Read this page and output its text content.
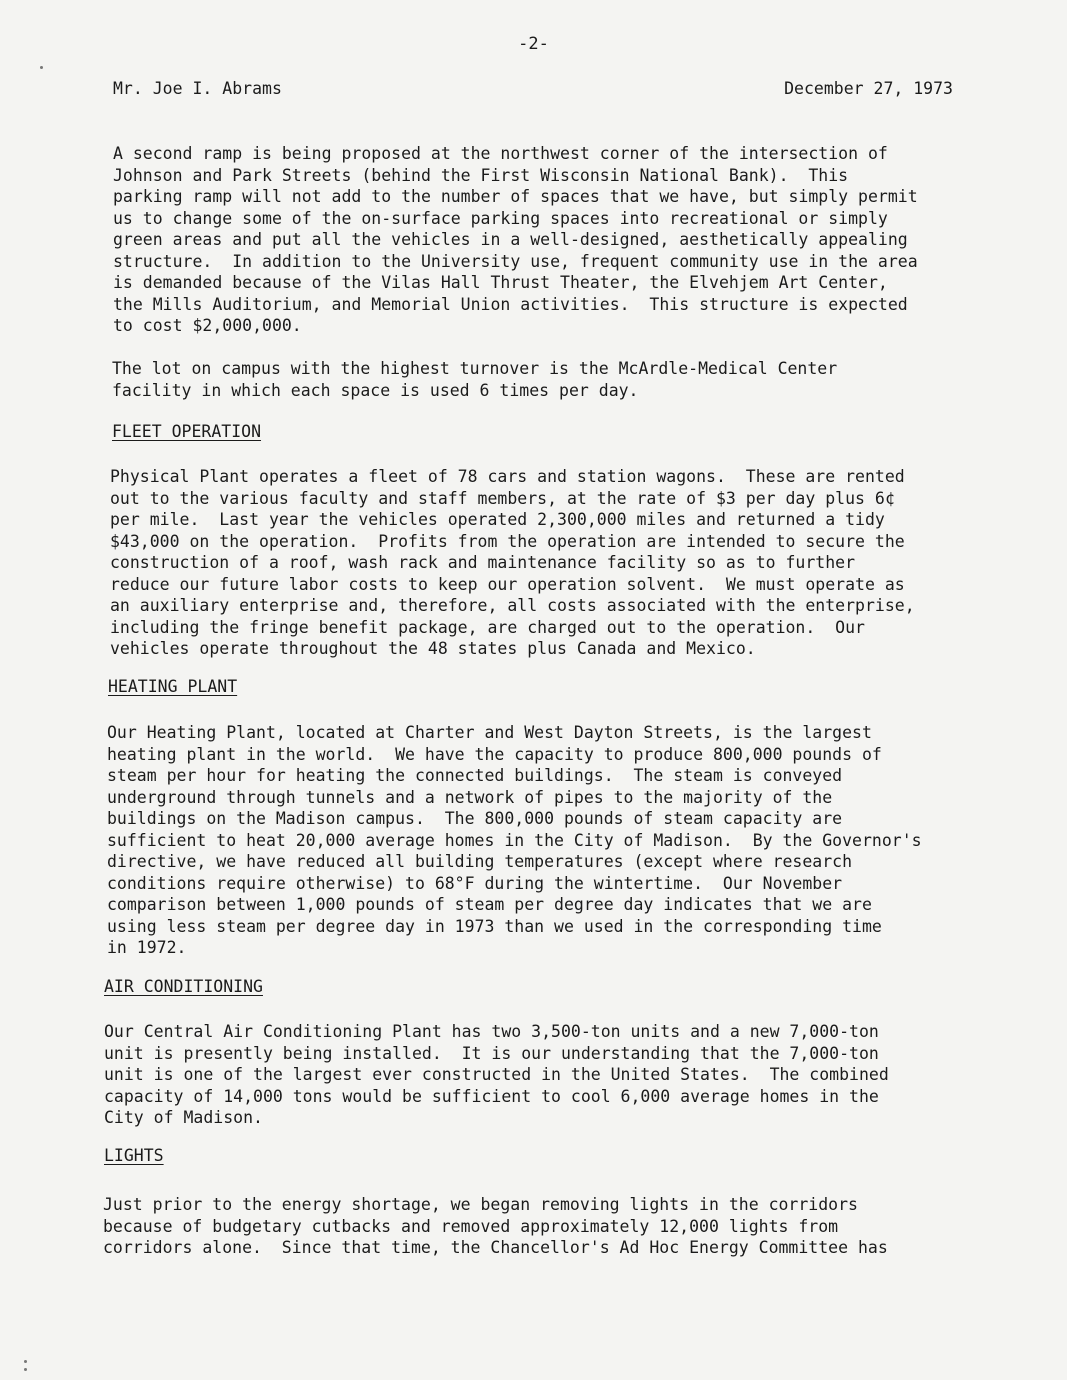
-2-
Mr. Joe I. Abrams	December 27, 1973

A second ramp is being proposed at the northwest corner of the intersection of
Johnson and Park Streets (behind the First Wisconsin National Bank).  This
parking ramp will not add to the number of spaces that we have, but simply permit
us to change some of the on-surface parking spaces into recreational or simply
green areas and put all the vehicles in a well-designed, aesthetically appealing
structure.  In addition to the University use, frequent community use in the area
is demanded because of the Vilas Hall Thrust Theater, the Elvehjem Art Center,
the Mills Auditorium, and Memorial Union activities.  This structure is expected
to cost $2,000,000.

The lot on campus with the highest turnover is the McArdle-Medical Center
facility in which each space is used 6 times per day.

FLEET OPERATION

Physical Plant operates a fleet of 78 cars and station wagons.  These are rented
out to the various faculty and staff members, at the rate of $3 per day plus 6¢
per mile.  Last year the vehicles operated 2,300,000 miles and returned a tidy
$43,000 on the operation.  Profits from the operation are intended to secure the
construction of a roof, wash rack and maintenance facility so as to further
reduce our future labor costs to keep our operation solvent.  We must operate as
an auxiliary enterprise and, therefore, all costs associated with the enterprise,
including the fringe benefit package, are charged out to the operation.  Our
vehicles operate throughout the 48 states plus Canada and Mexico.

HEATING PLANT

Our Heating Plant, located at Charter and West Dayton Streets, is the largest
heating plant in the world.  We have the capacity to produce 800,000 pounds of
steam per hour for heating the connected buildings.  The steam is conveyed
underground through tunnels and a network of pipes to the majority of the
buildings on the Madison campus.  The 800,000 pounds of steam capacity are
sufficient to heat 20,000 average homes in the City of Madison.  By the Governor's
directive, we have reduced all building temperatures (except where research
conditions require otherwise) to 68°F during the wintertime.  Our November
comparison between 1,000 pounds of steam per degree day indicates that we are
using less steam per degree day in 1973 than we used in the corresponding time
in 1972.

AIR CONDITIONING

Our Central Air Conditioning Plant has two 3,500-ton units and a new 7,000-ton
unit is presently being installed.  It is our understanding that the 7,000-ton
unit is one of the largest ever constructed in the United States.  The combined
capacity of 14,000 tons would be sufficient to cool 6,000 average homes in the
City of Madison.

LIGHTS

Just prior to the energy shortage, we began removing lights in the corridors
because of budgetary cutbacks and removed approximately 12,000 lights from
corridors alone.  Since that time, the Chancellor's Ad Hoc Energy Committee has
